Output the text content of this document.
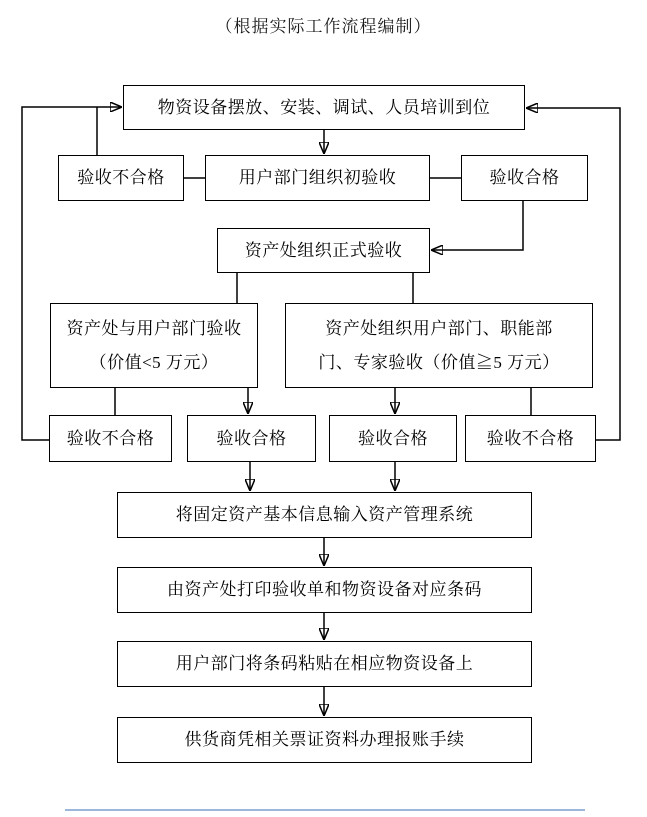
（根据实际工作流程编制）
物资设备摆放、安装、调试、人员培训到位
验收不合格	用户部门组织初验收	验收合格
资产处组织正式验收
资产处与用户部门验收
（价值<5 万元）
资产处组织用户部门、职能部
门、专家验收（价值≧5 万元）
验收不合格	验收合格	验收合格	验收不合格
将固定资产基本信息输入资产管理系统
由资产处打印验收单和物资设备对应条码
用户部门将条码粘贴在相应物资设备上
供货商凭相关票证资料办理报账手续
